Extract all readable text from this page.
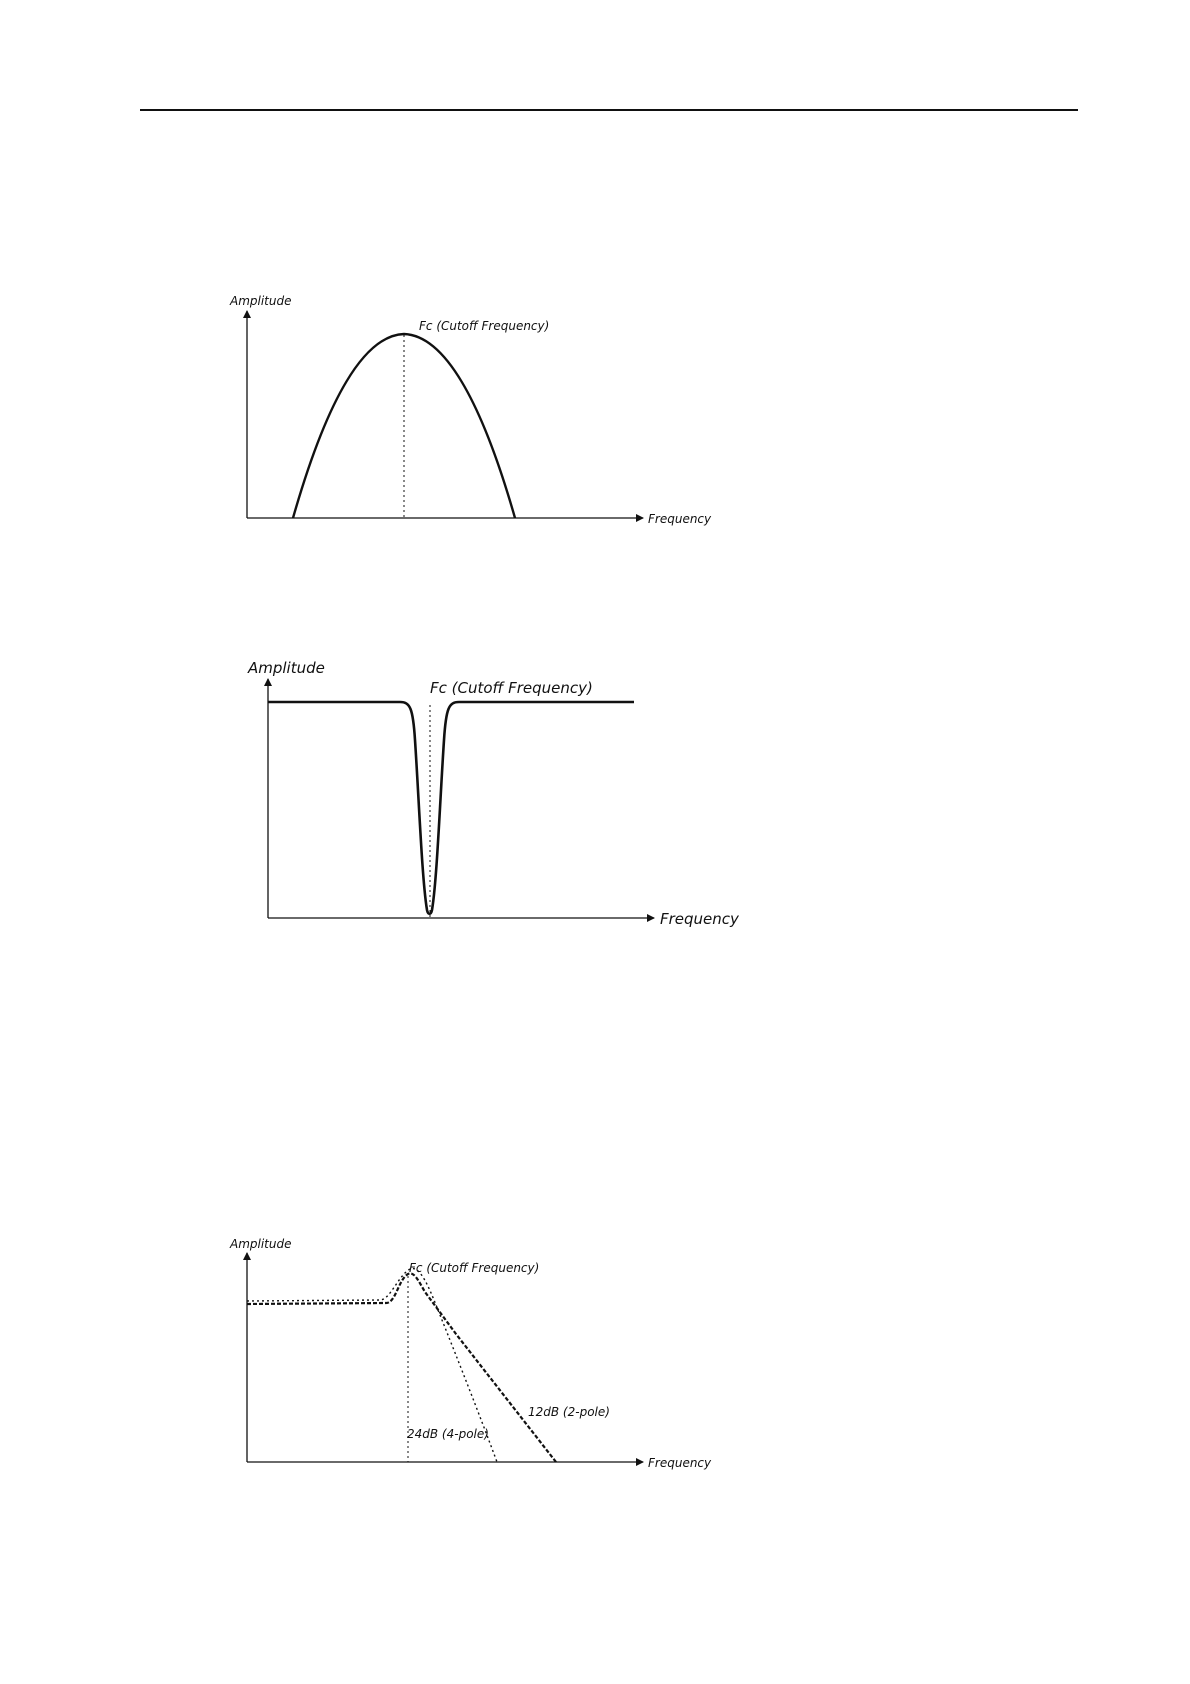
Amplitude
Frequency
Fc (Cutoff Frequency)
Amplitude
Frequency
Fc (Cutoff Frequency)
Amplitude
Frequency
Fc (Cutoff Frequency)
12dB (2-pole)
24dB (4-pole)
